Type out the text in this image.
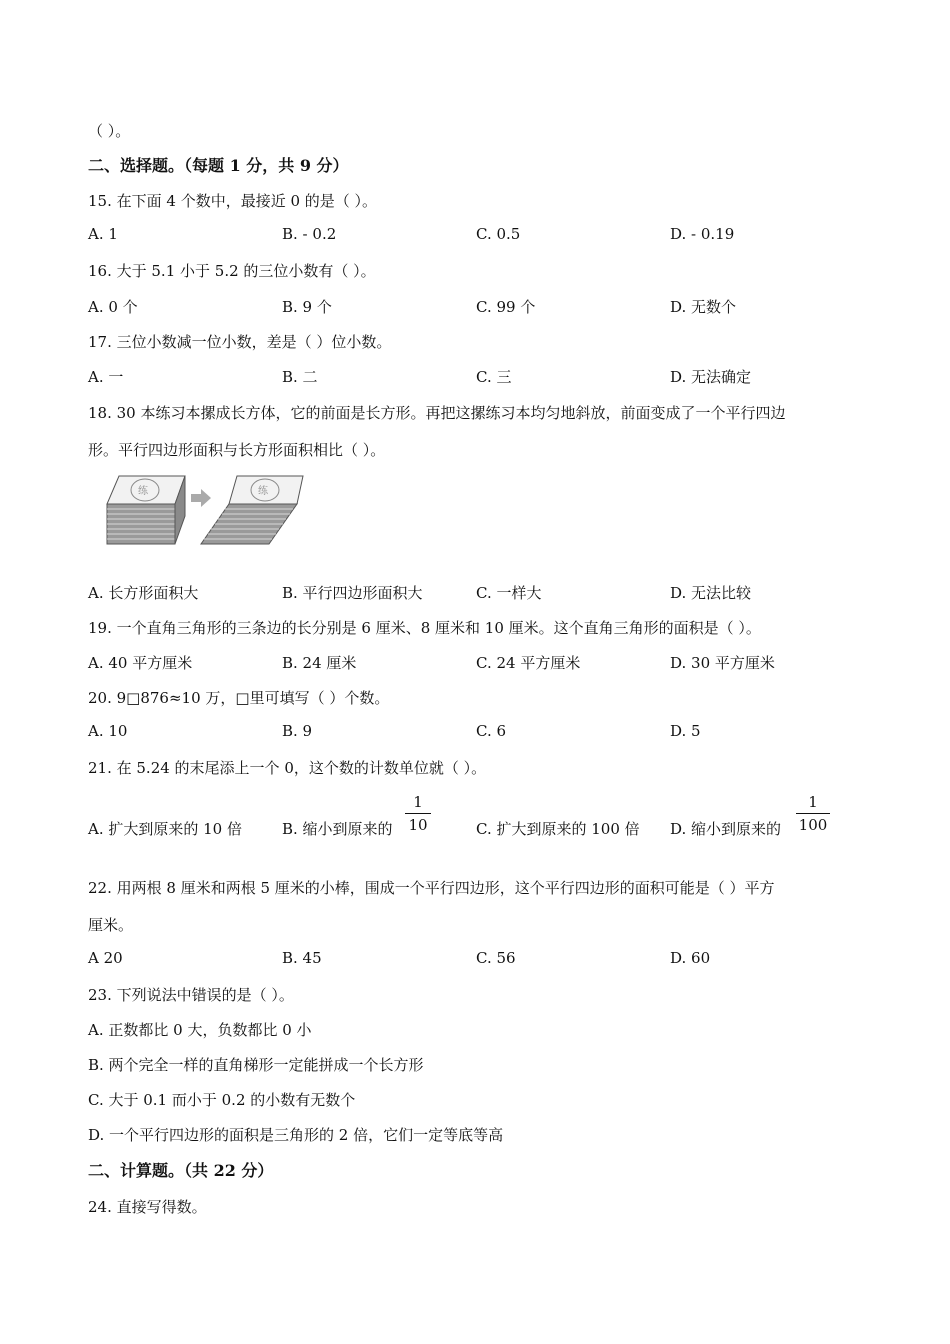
（ ）。
二、选择题。（每题 1 分，共 9 分）
15. 在下面 4 个数中，最接近 0 的是（ ）。
A. 1	B. - 0.2	C. 0.5	D. - 0.19
16. 大于 5.1 小于 5.2 的三位小数有（ ）。
A. 0 个	B. 9 个	C. 99 个	D. 无数个
17. 三位小数减一位小数，差是（ ）位小数。
A. 一	B. 二	C. 三	D. 无法确定
18. 30 本练习本摞成长方体，它的前面是长方形。再把这摞练习本均匀地斜放，前面变成了一个平行四边
形。平行四边形面积与长方形面积相比（ ）。
练	练
A. 长方形面积大	B. 平行四边形面积大	C. 一样大	D. 无法比较
19. 一个直角三角形的三条边的长分别是 6 厘米、8 厘米和 10 厘米。这个直角三角形的面积是（ ）。
A. 40 平方厘米	B. 24 厘米	C. 24 平方厘米	D. 30 平方厘米
20. 9□876≈10 万，□里可填写（ ）个数。
A. 10	B. 9	C. 6	D. 5
21. 在 5.24 的末尾添上一个 0，这个数的计数单位就（ ）。
A. 扩大到原来的 10 倍	B. 缩小到原来的
1
10	C. 扩大到原来的 100 倍 D. 缩小到原来的
1
100
22. 用两根 8 厘米和两根 5 厘米的小棒，围成一个平行四边形，这个平行四边形的面积可能是（ ）平方
厘米。
A 20	B. 45	C. 56	D. 60
23. 下列说法中错误的是（ ）。
A. 正数都比 0 大，负数都比 0 小
B. 两个完全一样的直角梯形一定能拼成一个长方形
C. 大于 0.1 而小于 0.2 的小数有无数个
D. 一个平行四边形的面积是三角形的 2 倍，它们一定等底等高
二、计算题。（共 22 分）
24. 直接写得数。
